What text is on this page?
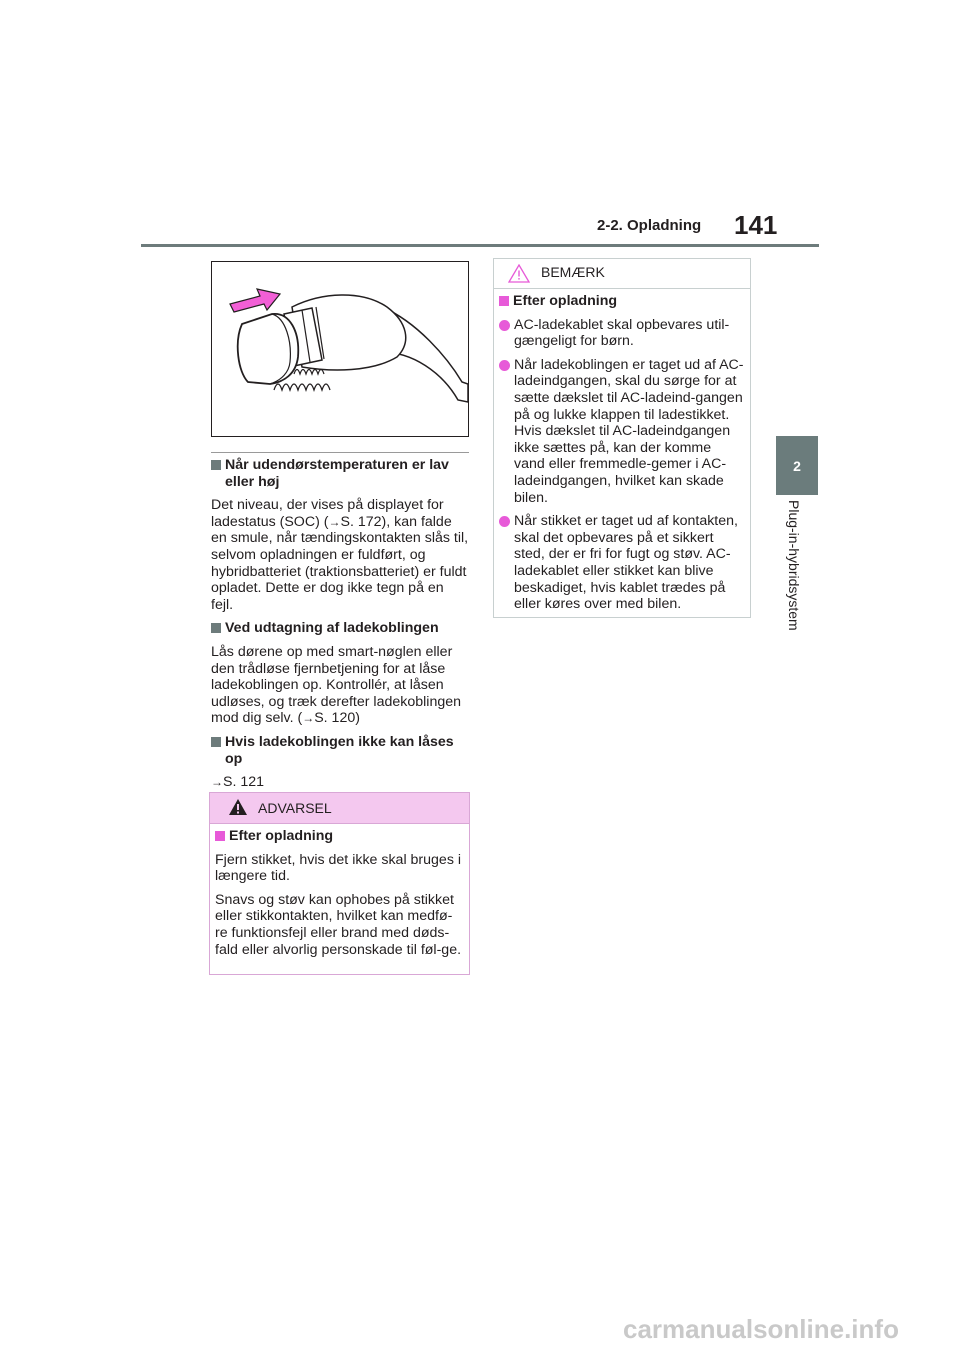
2-2. Opladning 141
2
Plug-in-hybridsystem
Når udendørstemperaturen er lav eller høj
Det niveau, der vises på displayet for ladestatus (SOC) (→S. 172), kan falde en smule, når tændingskontakten slås til, selvom opladningen er fuldført, og hybridbatteriet (traktionsbatteriet) er fuldt opladet. Dette er dog ikke tegn på en fejl.
Ved udtagning af ladekoblingen
Lås dørene op med smart-nøglen eller den trådløse fjernbetjening for at låse ladekoblingen op. Kontrollér, at låsen udløses, og træk derefter ladekoblingen mod dig selv. (→S. 120)
Hvis ladekoblingen ikke kan låses op
→S. 121
ADVARSEL
Efter opladning
Fjern stikket, hvis det ikke skal bruges i længere tid.
Snavs og støv kan ophobes på stikket eller stikkontakten, hvilket kan medfø-re funktionsfejl eller brand med døds-fald eller alvorlig personskade til føl-ge.
BEMÆRK
Efter opladning
AC-ladekablet skal opbevares util-gængeligt for børn.
Når ladekoblingen er taget ud af AC-ladeindgangen, skal du sørge for at sætte dækslet til AC-ladeind-gangen på og lukke klappen til ladestikket. Hvis dækslet til AC-ladeindgangen ikke sættes på, kan der komme vand eller fremmedle-gemer i AC-ladeindgangen, hvilket kan skade bilen.
Når stikket er taget ud af kontakten, skal det opbevares på et sikkert sted, der er fri for fugt og støv. AC-ladekablet eller stikket kan blive beskadiget, hvis kablet trædes på eller køres over med bilen.
carmanualsonline.info
